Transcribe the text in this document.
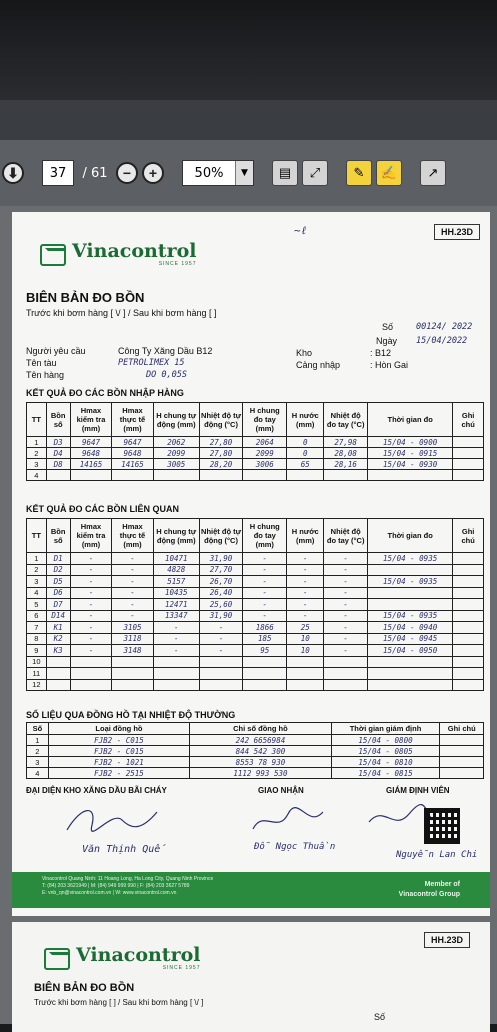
⬇	37	/ 61	−	+	50%	▼	▤	⤢	✎	✍	↗
~ℓ	HH.23D
Vinacontrol
SINCE 1957
BIÊN BẢN ĐO BỒN
Trước khi bơm hàng [ \/ ] / Sau khi bơm hàng [ ]
Số	00124/ 2022
Ngày 15/04/2022
Người yêu cầu	Công Ty Xăng Dầu B12
Tên tàu	PETROLIMEX 15
Tên hàng	DO 0,05S
Kho	: B12
Cảng nhập	: Hòn Gai
KẾT QUẢ ĐO CÁC BỒN NHẬP HÀNG
TT	Bồn số	Hmax kiểm tra (mm)	Hmax thực tế (mm)	H chung tự động (mm)	Nhiệt độ tự động (°C)	H chung đo tay (mm)	H nước (mm)	Nhiệt độ đo tay (°C)	Thời gian đo	Ghi chú
1	D3	9647	9647	2062	27,80	2064	0	27,98	15/04 - 0900	
2	D4	9648	9648	2099	27,80	2099	0	28,08	15/04 - 0915	
3	D8	14165	14165	3005	28,20	3006	65	28,16	15/04 - 0930	
4										
KẾT QUẢ ĐO CÁC BỒN LIÊN QUAN
TT	Bồn số	Hmax kiểm tra (mm)	Hmax thực tế (mm)	H chung tự động (mm)	Nhiệt độ tự động (°C)	H chung đo tay (mm)	H nước (mm)	Nhiệt độ đo tay (°C)	Thời gian đo	Ghi chú
1	D1	-	-	10471	31,90	-	-	-	15/04 - 0935	
2	D2	-	-	4828	27,70	-	-	-		
3	D5	-	-	5157	26,70	-	-	-	15/04 - 0935	
4	D6	-	-	10435	26,40	-	-	-		
5	D7	-	-	12471	25,60	-	-	-		
6	D14	-	-	13347	31,90	-	-	-	15/04 - 0935	
7	K1	-	3105	-	-	1866	25	-	15/04 - 0940	
8	K2	-	3118	-	-	185	10	-	15/04 - 0945	
9	K3	-	3148	-	-	95	10	-	15/04 - 0950	
10										
11										
12										
SỐ LIỆU QUA ĐỒNG HỒ TẠI NHIỆT ĐỘ THƯỜNG
Số	Loại đồng hồ	Chỉ số đồng hồ	Thời gian giám định	Ghi chú
1	FJB2 - C015	242 6656984	15/04 - 0800	
2	FJB2 - C015	844 542 300	15/04 - 0805	
3	FJB2 - 1021	8553 78 930	15/04 - 0810	
4	FJB2 - 2515	1112 993 530	15/04 - 0815	
ĐẠI DIỆN KHO XĂNG DẦU BÃI CHÁY	GIAO NHẬN	GIÁM ĐỊNH VIÊN
Văn Thịnh Quế	Đỗ Ngọc Thuần
Nguyễn Lan Chi
Vinacontrol Quang Ninh: 11 Hoang Long, Ha Long City, Quang Ninh Province
T: (84) 203 3621949 | M: (84) 949 999 990 | F: (84) 203 3627 5789
E: vnb_qn@vinacontrol.com.vn | W: www.vinacontrol.com.vn
Member of
Vinacontrol Group
HH.23D
Vinacontrol
SINCE 1957
BIÊN BẢN ĐO BỒN
Trước khi bơm hàng [ ] / Sau khi bơm hàng [ \/ ]
Số
